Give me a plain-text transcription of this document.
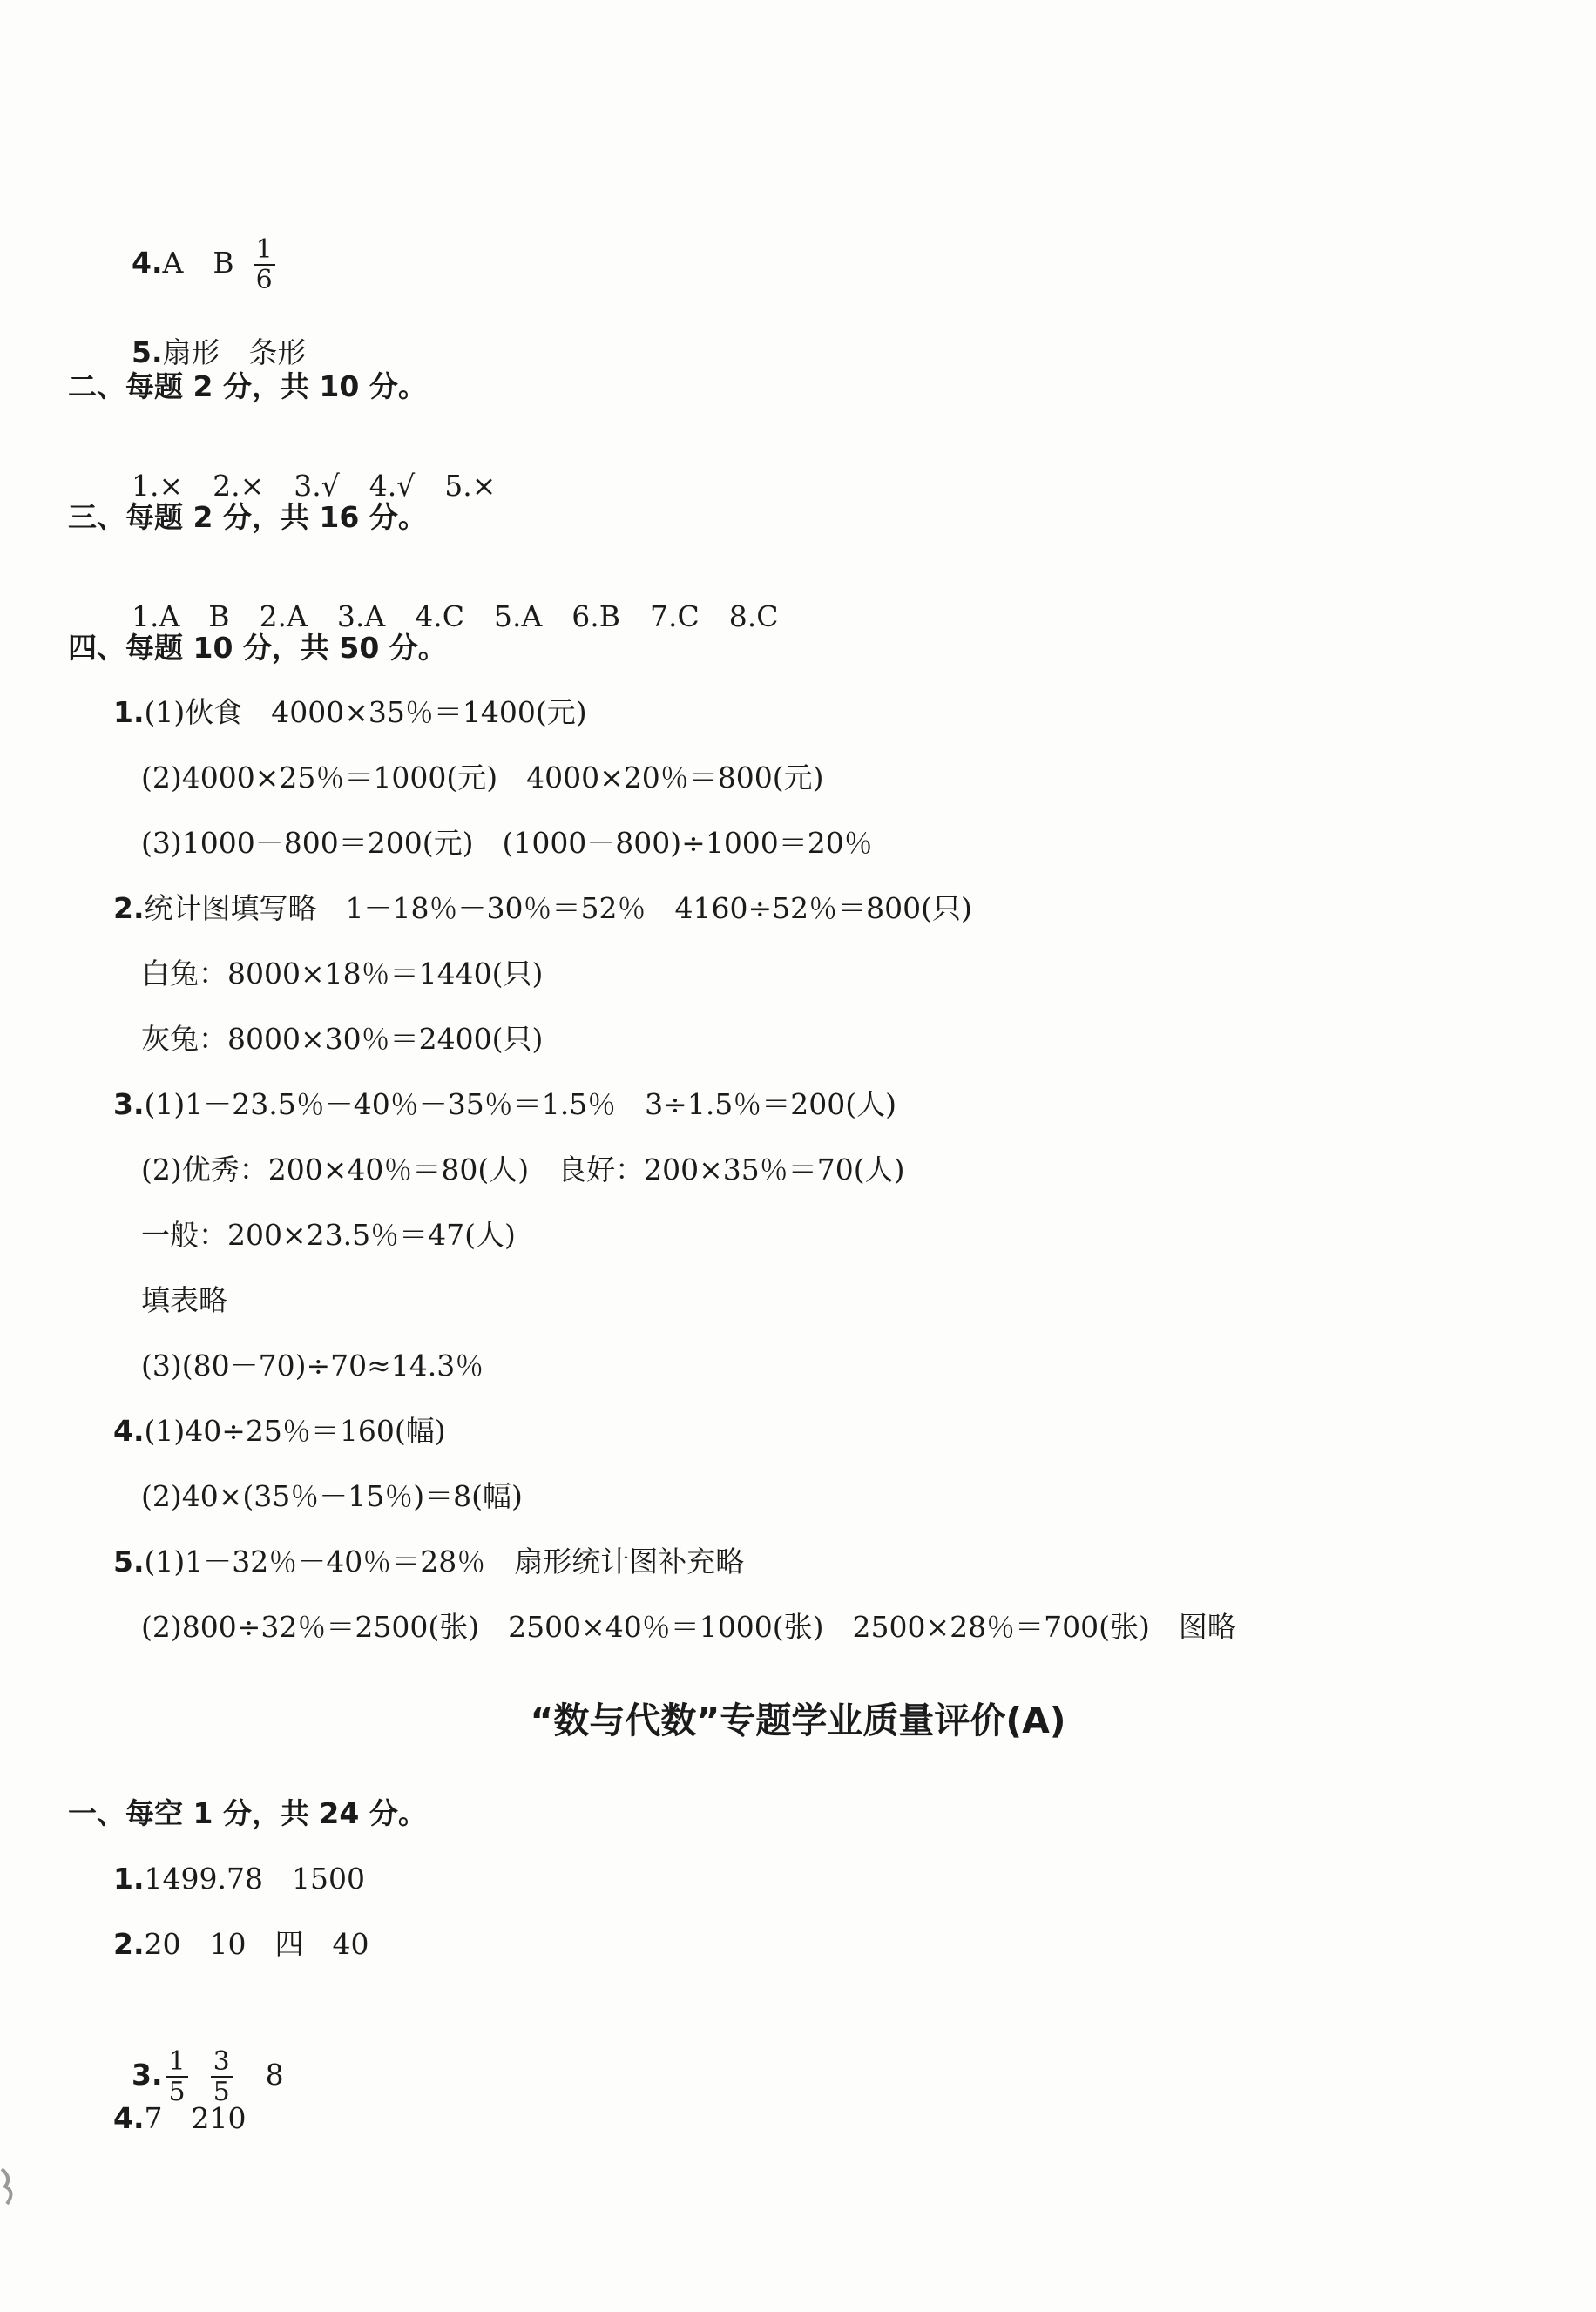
4.A B $\frac{1}{6}$

5.扇形　条形

二、每题 2 分，共 10 分。

1.× 2.× 3.√ 4.√ 5.×

三、每题 2 分，共 16 分。

1.A　B 2.A 3.A 4.C 5.A 6.B 7.C 8.C

四、每题 10 分，共 50 分。
1.(1)伙食　4000×35％＝1400(元)
(2)4000×25％＝1000(元)　4000×20％＝800(元)
(3)1000－800＝200(元)　(1000－800)÷1000＝20％
2.统计图填写略　1－18％－30％＝52％　4160÷52％＝800(只)
白兔：8000×18％＝1440(只)
灰兔：8000×30％＝2400(只)
3.(1)1－23.5％－40％－35％＝1.5％　3÷1.5％＝200(人)
(2)优秀：200×40％＝80(人)　良好：200×35％＝70(人)
一般：200×23.5％＝47(人)
填表略
(3)(80－70)÷70≈14.3％
4.(1)40÷25％＝160(幅)
(2)40×(35％－15％)＝8(幅)
5.(1)1－32％－40％＝28％　扇形统计图补充略
(2)800÷32％＝2500(张)　2500×40％＝1000(张)　2500×28％＝700(张)　图略
“数与代数”专题学业质量评价(A)
一、每空 1 分，共 24 分。
1.1499.78　1500
2.20　10　四　40

3. $\frac{1}{5} \frac{3}{5} 8$

4.7　210
